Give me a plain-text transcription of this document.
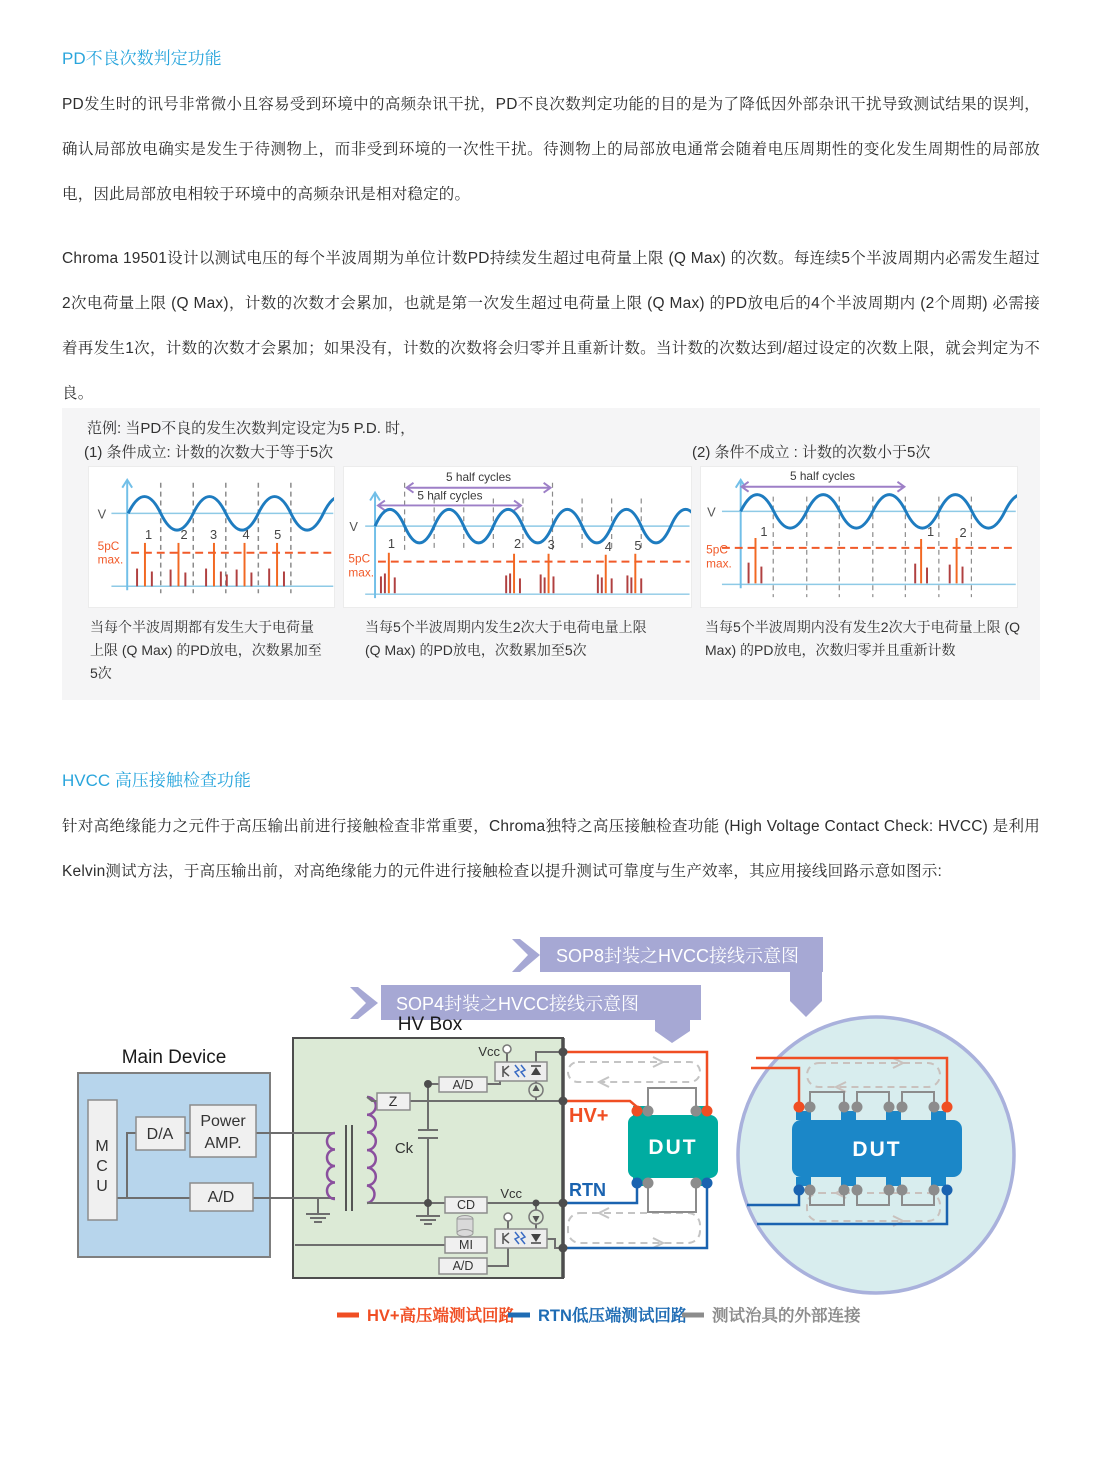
PD不良次数判定功能
PD发生时的讯号非常微小且容易受到环境中的高频杂讯干扰，PD不良次数判定功能的目的是为了降低因外部杂讯干扰导致测试结果的误判，确认局部放电确实是发生于待测物上，而非受到环境的一次性干扰。待测物上的局部放电通常会随着电压周期性的变化发生周期性的局部放电，因此局部放电相较于环境中的高频杂讯是相对稳定的。
Chroma 19501设计以测试电压的每个半波周期为单位计数PD持续发生超过电荷量上限 (Q Max) 的次数。每连续5个半波周期内必需发生超过2次电荷量上限 (Q Max)，计数的次数才会累加，也就是第一次发生超过电荷量上限 (Q Max) 的PD放电后的4个半波周期内 (2个周期) 必需接着再发生1次，计数的次数才会累加；如果没有，计数的次数将会归零并且重新计数。当计数的次数达到/超过设定的次数上限，就会判定为不良。
范例: 当PD不良的发生次数判定设定为5 P.D. 时，
(1) 条件成立: 计数的次数大于等于5次	(2) 条件不成立 : 计数的次数小于5次
5pC
max.
V
1 2 3 4 5
5 half cycles
5 half cycles
5pC
max.
V
1	2 3	4 5
5 half cycles
5pC
max.
V
1	1 2
当每个半波周期都有发生大于电荷量上限 (Q Max) 的PD放电，次数累加至5次
当每5个半波周期内发生2次大于电荷电量上限 (Q Max) 的PD放电，次数累加至5次
当每5个半波周期内没有发生2次大于电荷量上限 (Q Max) 的PD放电，次数归零并且重新计数
HVCC 高压接触检查功能
针对高绝缘能力之元件于高压输出前进行接触检查非常重要，Chroma独特之高压接触检查功能 (High Voltage Contact Check: HVCC) 是利用Kelvin测试方法，于高压输出前，对高绝缘能力的元件进行接触检查以提升测试可靠度与生产效率，其应用接线回路示意如图示:
SOP8封装之HVCC接线示意图
SOP4封装之HVCC接线示意图
HV Box
Main Device
DUT	DUT
M
C
U
D/A
Power
AMP.
A/D
Z
Ck
A/D
CD
MI
A/D
Vcc
Vcc
HV+
RTN
HV+高压端测试回路 RTN低压端测试回路 测试治具的外部连接
